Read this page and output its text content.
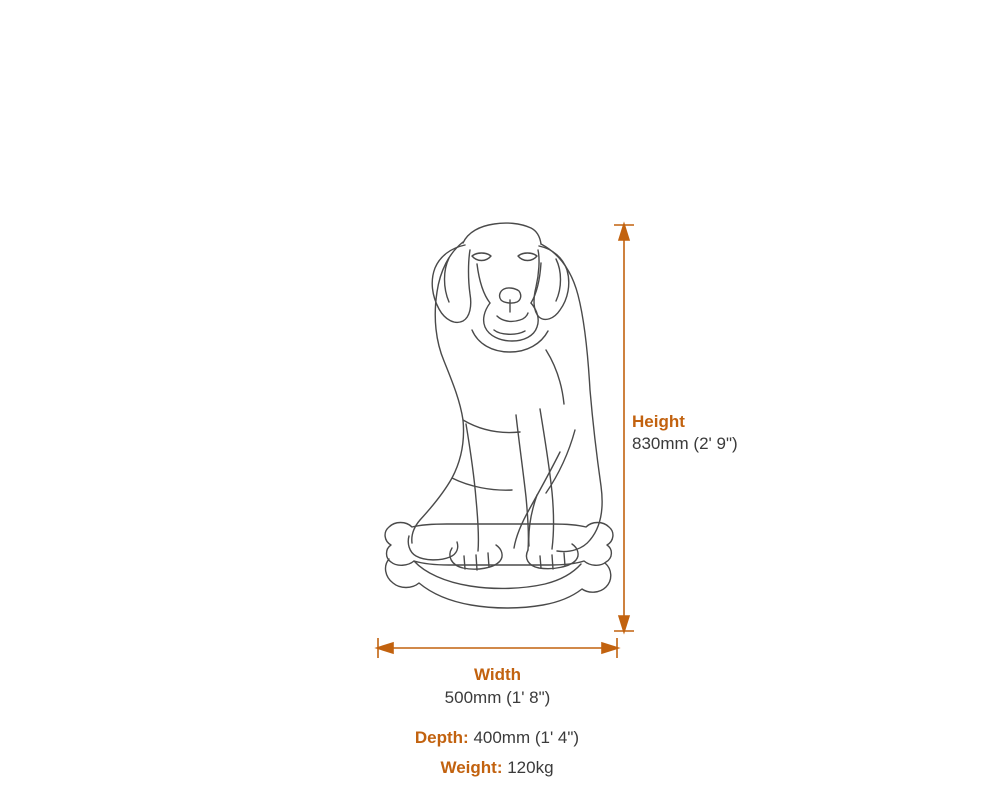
Height
830mm (2' 9")
Width
500mm (1' 8")
Depth: 400mm (1' 4")
Weight: 120kg
